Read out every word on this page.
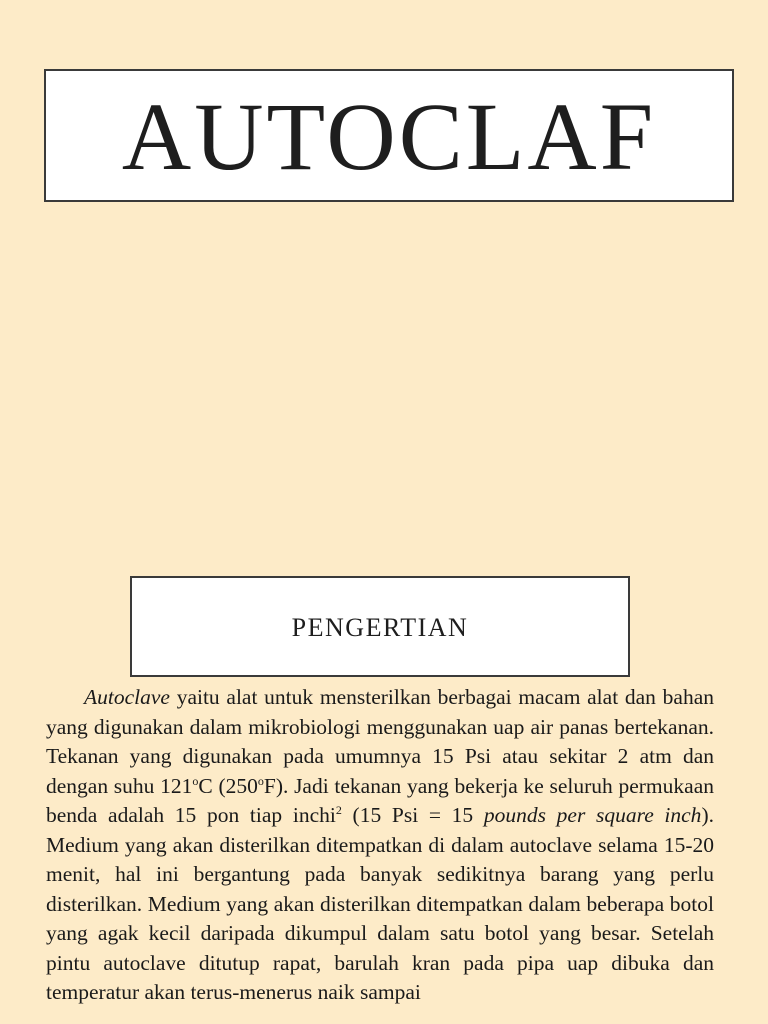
AUTOCLAF
PENGERTIAN

Autoclave yaitu alat untuk mensterilkan berbagai macam alat dan bahan yang digunakan dalam mikrobiologi menggunakan uap air panas bertekanan. Tekanan yang digunakan pada umumnya 15 Psi atau sekitar 2 atm dan dengan suhu 121$^o$C (250$^o$F). Jadi tekanan yang bekerja ke seluruh permukaan benda adalah 15 pon tiap inchi$^2$ (15 Psi = 15 pounds per square inch). Medium yang akan disterilkan ditempatkan di dalam autoclave selama 15-20 menit, hal ini bergantung pada banyak sedikitnya barang yang perlu disterilkan. Medium yang akan disterilkan ditempatkan dalam beberapa botol yang agak kecil daripada dikumpul dalam satu botol yang besar. Setelah pintu autoclave ditutup rapat, barulah kran pada pipa uap dibuka dan temperatur akan terus-menerus naik sampai
